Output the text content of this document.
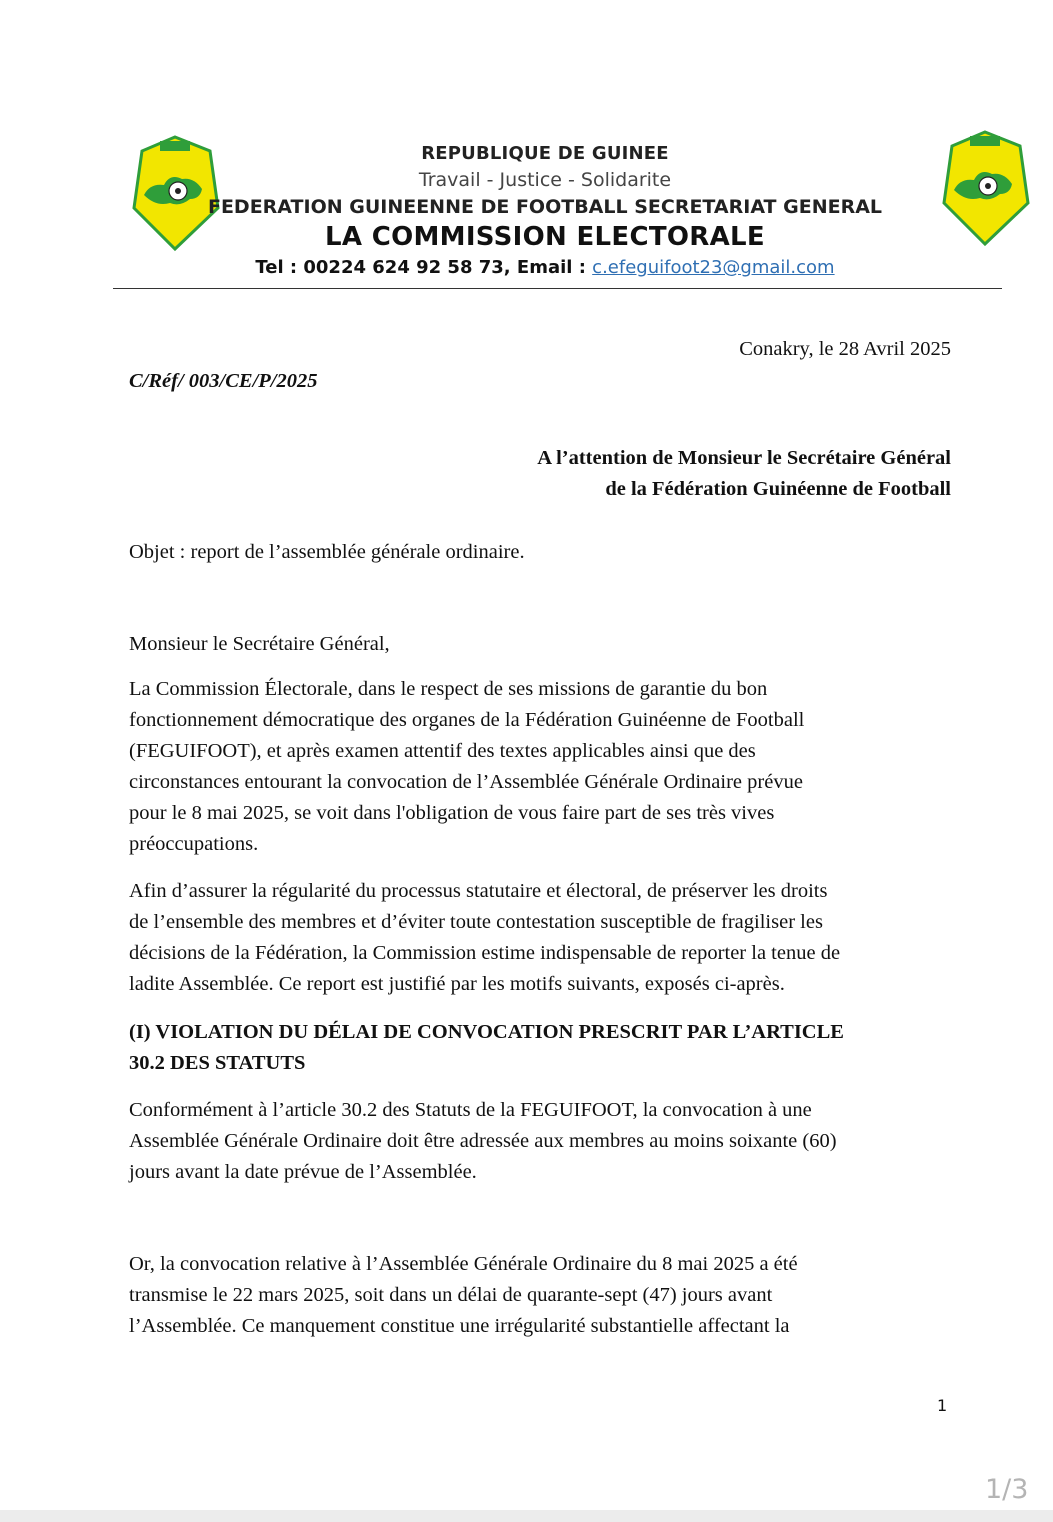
REPUBLIQUE DE GUINEE
Travail - Justice - Solidarite
FEDERATION GUINEENNE DE FOOTBALL SECRETARIAT GENERAL
LA COMMISSION ELECTORALE
Tel : 00224 624 92 58 73, Email : c.efeguifoot23@gmail.com
Conakry, le 28 Avril 2025
C/Réf/ 003/CE/P/2025
A l’attention de Monsieur le Secrétaire Général
de la Fédération Guinéenne de Football
Objet : report de l’assemblée générale ordinaire.
Monsieur le Secrétaire Général,
La Commission Électorale, dans le respect de ses missions de garantie du bon
fonctionnement démocratique des organes de la Fédération Guinéenne de Football
(FEGUIFOOT), et après examen attentif des textes applicables ainsi que des
circonstances entourant la convocation de l’Assemblée Générale Ordinaire prévue
pour le 8 mai 2025, se voit dans l'obligation de vous faire part de ses très vives
préoccupations.
Afin d’assurer la régularité du processus statutaire et électoral, de préserver les droits
de l’ensemble des membres et d’éviter toute contestation susceptible de fragiliser les
décisions de la Fédération, la Commission estime indispensable de reporter la tenue de
ladite Assemblée. Ce report est justifié par les motifs suivants, exposés ci-après.
(I) VIOLATION DU DÉLAI DE CONVOCATION PRESCRIT PAR L’ARTICLE
30.2 DES STATUTS
Conformément à l’article 30.2 des Statuts de la FEGUIFOOT, la convocation à une
Assemblée Générale Ordinaire doit être adressée aux membres au moins soixante (60)
jours avant la date prévue de l’Assemblée.
Or, la convocation relative à l’Assemblée Générale Ordinaire du 8 mai 2025 a été
transmise le 22 mars 2025, soit dans un délai de quarante-sept (47) jours avant
l’Assemblée. Ce manquement constitue une irrégularité substantielle affectant la
1
1/3
